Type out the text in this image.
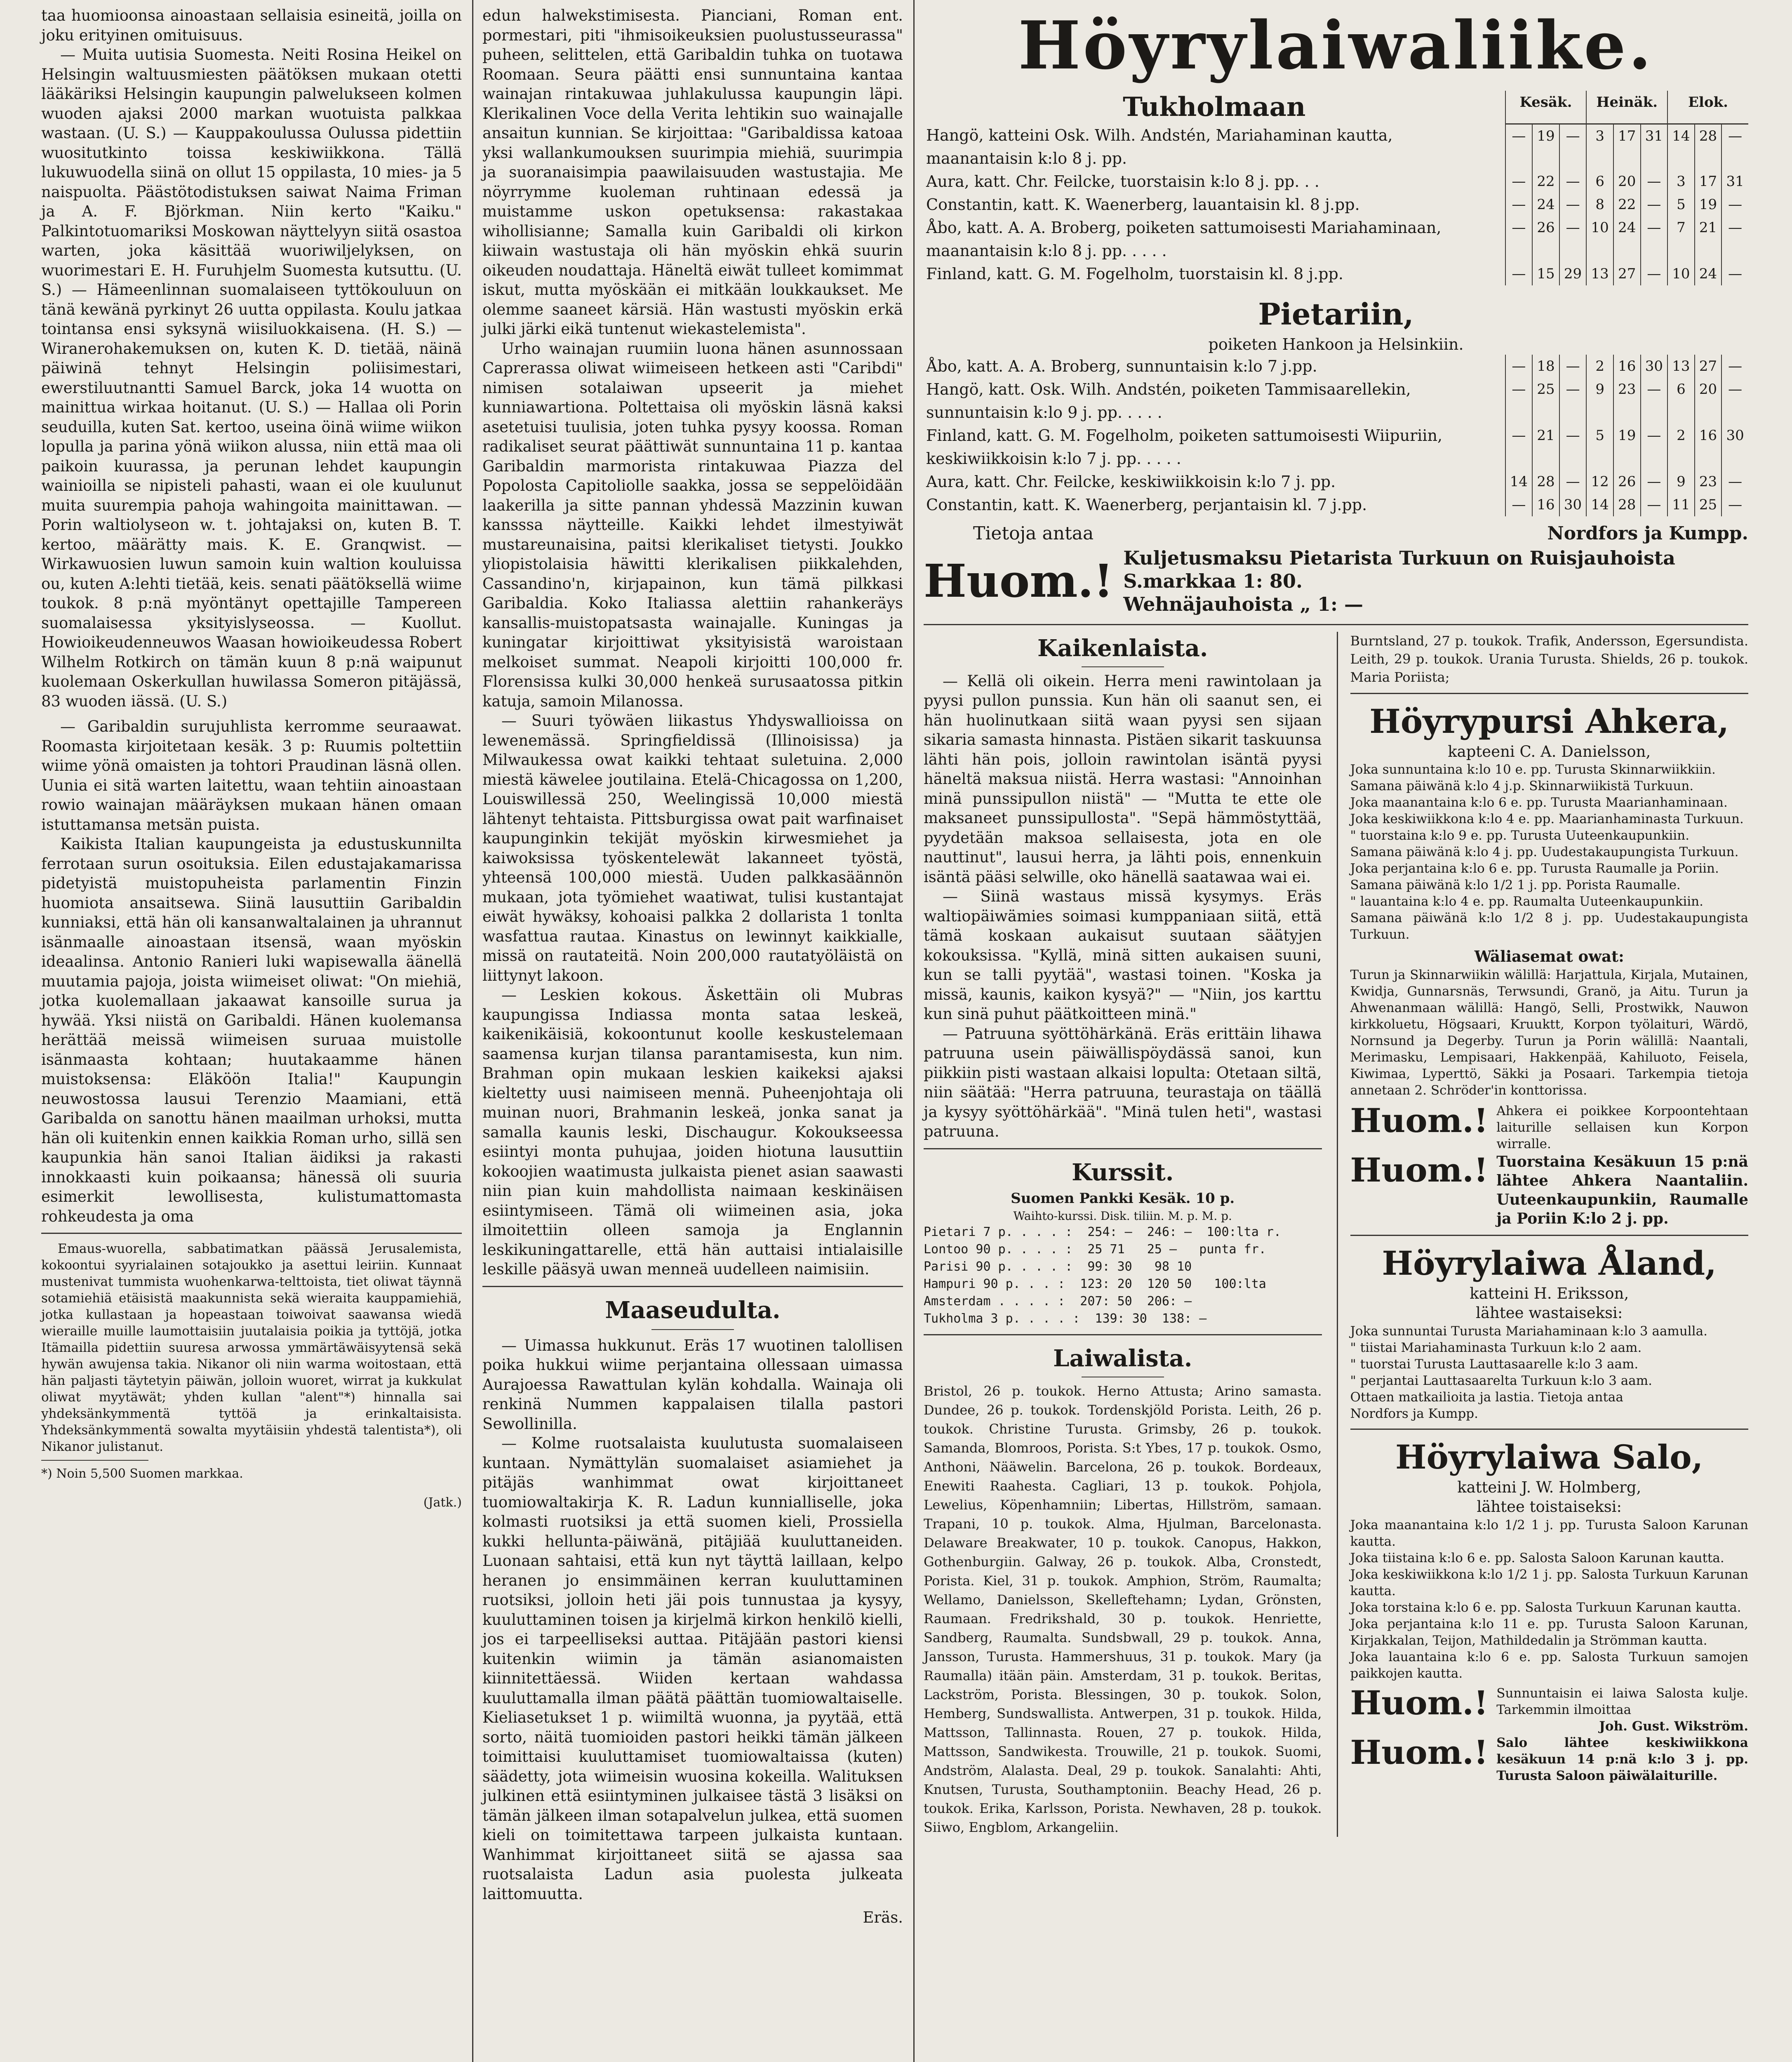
taa huomioonsa ainoastaan sellaisia esineitä, joilla on joku erityinen omituisuus.

— Muita uutisia Suomesta. Neiti Rosina Heikel on Helsingin waltuusmiesten päätöksen mukaan otetti lääkäriksi Helsingin kaupungin palwelukseen kolmen wuoden ajaksi 2000 markan wuotuista palkkaa wastaan. (U. S.) — Kauppakoulussa Oulussa pidettiin wuositutkinto toissa keskiwiikkona. Tällä lukuwuodella siinä on ollut 15 oppilasta, 10 mies- ja 5 naispuolta. Päästötodistuksen saiwat Naima Friman ja A. F. Björkman. Niin kerto "Kaiku." Palkintotuomariksi Moskowan näyttelyyn siitä osastoa warten, joka käsittää wuoriwiljelyksen, on wuorimestari E. H. Furuhjelm Suomesta kutsuttu. (U. S.) — Hämeenlinnan suomalaiseen tyttökouluun on tänä kewänä pyrkinyt 26 uutta oppilasta. Koulu jatkaa tointansa ensi syksynä wiisiluokkaisena. (H. S.) — Wiranerohakemuksen on, kuten K. D. tietää, näinä päiwinä tehnyt Helsingin poliisimestari, ewerstiluutnantti Samuel Barck, joka 14 wuotta on mainittua wirkaa hoitanut. (U. S.) — Hallaa oli Porin seuduilla, kuten Sat. kertoo, useina öinä wiime wiikon lopulla ja parina yönä wiikon alussa, niin että maa oli paikoin kuurassa, ja perunan lehdet kaupungin wainioilla se nipisteli pahasti, waan ei ole kuulunut muita suurempia pahoja wahingoita mainittawan. — Porin waltiolyseon w. t. johtajaksi on, kuten B. T. kertoo, määrätty mais. K. E. Granqwist. — Wirkawuosien luwun samoin kuin waltion kouluissa ou, kuten A:lehti tietää, keis. senati päätöksellä wiime toukok. 8 p:nä myöntänyt opettajille Tampereen suomalaisessa yksityislyseossa. — Kuollut. Howioikeudenneuwos Waasan howioikeudessa Robert Wilhelm Rotkirch on tämän kuun 8 p:nä waipunut kuolemaan Oskerkullan huwilassa Someron pitäjässä, 83 wuoden iässä. (U. S.)

— Garibaldin surujuhlista kerromme seuraawat. Roomasta kirjoitetaan kesäk. 3 p: Ruumis poltettiin wiime yönä omaisten ja tohtori Praudinan läsnä ollen. Uunia ei sitä warten laitettu, waan tehtiin ainoastaan rowio wainajan määräyksen mukaan hänen omaan istuttamansa metsän puista.

Kaikista Italian kaupungeista ja edustuskunnilta ferrotaan surun osoituksia. Eilen edustajakamarissa pidetyistä muistopuheista parlamentin Finzin huomiota ansaitsewa. Siinä lausuttiin Garibaldin kunniaksi, että hän oli kansanwaltalainen ja uhrannut isänmaalle ainoastaan itsensä, waan myöskin ideaalinsa. Antonio Ranieri luki wapisewalla äänellä muutamia pajoja, joista wiimeiset oliwat: "On miehiä, jotka kuolemallaan jakaawat kansoille surua ja hywää. Yksi niistä on Garibaldi. Hänen kuolemansa herättää meissä wiimeisen suruaa muistolle isänmaasta kohtaan; huutakaamme hänen muistoksensa: Eläköön Italia!" Kaupungin neuwostossa lausui Terenzio Maamiani, että Garibalda on sanottu hänen maailman urhoksi, mutta hän oli kuitenkin ennen kaikkia Roman urho, sillä sen kaupunkia hän sanoi Italian äidiksi ja rakasti innokkaasti kuin poikaansa; hänessä oli suuria esimerkit lewollisesta, kulistumattomasta rohkeudesta ja oma

Emaus-wuorella, sabbatimatkan päässä Jerusalemista, kokoontui syyrialainen sotajoukko ja asettui leiriin. Kunnaat mustenivat tummista wuohenkarwa-telttoista, tiet oliwat täynnä sotamiehiä etäisistä maakunnista sekä wieraita kauppamiehiä, jotka kullastaan ja hopeastaan toiwoivat saawansa wiedä wieraille muille laumottaisiin juutalaisia poikia ja tyttöjä, jotka Itämailla pidettiin suuresa arwossa ymmärtäwäisyytensä sekä hywän awujensa takia. Nikanor oli niin warma woitostaan, että hän paljasti täytetyin päiwän, jolloin wuoret, wirrat ja kukkulat oliwat myytäwät; yhden kullan "alent"*) hinnalla sai yhdeksänkymmentä tyttöä ja erinkaltaisista. Yhdeksänkymmentä sowalta myytäisiin yhdestä talentista*), oli Nikanor julistanut.

*) Noin 5,500 Suomen markkaa.

(Jatk.)

edun halwekstimisesta. Pianciani, Roman ent. pormestari, piti "ihmisoikeuksien puolustusseurassa" puheen, selittelen, että Garibaldin tuhka on tuotawa Roomaan. Seura päätti ensi sunnuntaina kantaa wainajan rintakuwaa juhlakulussa kaupungin läpi. Klerikalinen Voce della Verita lehtikin suo wainajalle ansaitun kunnian. Se kirjoittaa: "Garibaldissa katoaa yksi wallankumouksen suurimpia miehiä, suurimpia ja suoranaisimpia paawilaisuuden wastustajia. Me nöyrrymme kuoleman ruhtinaan edessä ja muistamme uskon opetuksensa: rakastakaa wihollisianne; Samalla kuin Garibaldi oli kirkon kiiwain wastustaja oli hän myöskin ehkä suurin oikeuden noudattaja. Häneltä eiwät tulleet komimmat iskut, mutta myöskään ei mitkään loukkaukset. Me olemme saaneet kärsiä. Hän wastusti myöskin erkä julki järki eikä tuntenut wiekastelemista".

Urho wainajan ruumiin luona hänen asunnossaan Caprerassa oliwat wiimeiseen hetkeen asti "Caribdi" nimisen sotalaiwan upseerit ja miehet kunniawartiona. Poltettaisa oli myöskin läsnä kaksi asetetuisi tuulisia, joten tuhka pysyy koossa. Roman radikaliset seurat päättiwät sunnuntaina 11 p. kantaa Garibaldin marmorista rintakuwaa Piazza del Popolosta Capitoliolle saakka, jossa se seppelöidään laakerilla ja sitte pannan yhdessä Mazzinin kuwan kansssa näytteille. Kaikki lehdet ilmestyiwät mustareunaisina, paitsi klerikaliset tietysti. Joukko yliopistolaisia häwitti klerikalisen piikkalehden, Cassandino'n, kirjapainon, kun tämä pilkkasi Garibaldia. Koko Italiassa alettiin rahankeräys kansallis-muistopatsasta wainajalle. Kuningas ja kuningatar kirjoittiwat yksityisistä waroistaan melkoiset summat. Neapoli kirjoitti 100,000 fr. Florensissa kulki 30,000 henkeä surusaatossa pitkin katuja, samoin Milanossa.

— Suuri työwäen liikastus Yhdyswallioissa on lewenemässä. Springfieldissä (Illinoisissa) ja Milwaukessa owat kaikki tehtaat suletuina. 2,000 miestä käwelee joutilaina. Etelä-Chicagossa on 1,200, Louiswillessä 250, Weelingissä 10,000 miestä lähtenyt tehtaista. Pittsburgissa owat pait warfinaiset kaupunginkin tekijät myöskin kirwesmiehet ja kaiwoksissa työskentelewät lakanneet työstä, yhteensä 100,000 miestä. Uuden palkkasäännön mukaan, jota työmiehet waatiwat, tulisi kustantajat eiwät hywäksy, kohoaisi palkka 2 dollarista 1 tonlta wasfattua rautaa. Kinastus on lewinnyt kaikkialle, missä on rautateitä. Noin 200,000 rautatyöläistä on liittynyt lakoon.

— Leskien kokous. Äskettäin oli Mubras kaupungissa Indiassa monta sataa leskeä, kaikenikäisiä, kokoontunut koolle keskustelemaan saamensa kurjan tilansa parantamisesta, kun nim. Brahman opin mukaan leskien kaikeksi ajaksi kieltetty uusi naimiseen mennä. Puheenjohtaja oli muinan nuori, Brahmanin leskeä, jonka sanat ja samalla kaunis leski, Dischaugur. Kokoukseessa esiintyi monta puhujaa, joiden hiotuna lausuttiin kokoojien waatimusta julkaista pienet asian saawasti niin pian kuin mahdollista naimaan keskinäisen esiintymiseen. Tämä oli wiimeinen asia, joka ilmoitettiin olleen samoja ja Englannin leskikuningattarelle, että hän auttaisi intialaisille leskille pääsyä uwan menneä uudelleen naimisiin.

Maaseudulta.

— Uimassa hukkunut. Eräs 17 wuotinen talollisen poika hukkui wiime perjantaina ollessaan uimassa Aurajoessa Rawattulan kylän kohdalla. Wainaja oli renkinä Nummen kappalaisen tilalla pastori Sewollinilla.

— Kolme ruotsalaista kuulutusta suomalaiseen kuntaan. Nymättylän suomalaiset asiamiehet ja pitäjäs wanhimmat owat kirjoittaneet tuomiowaltakirja K. R. Ladun kunnialliselle, joka kolmasti ruotsiksi ja että suomen kieli, Prossiella kukki hellunta-päiwänä, pitäjiää kuuluttaneiden. Luonaan sahtaisi, että kun nyt täyttä laillaan, kelpo heranen jo ensimmäinen kerran kuuluttaminen ruotsiksi, jolloin heti jäi pois tunnustaa ja kysyy, kuuluttaminen toisen ja kirjelmä kirkon henkilö kielli, jos ei tarpeelliseksi auttaa. Pitäjään pastori kiensi kuitenkin wiimin ja tämän asianomaisten kiinnitettäessä. Wiiden kertaan wahdassa kuuluttamalla ilman päätä päättän tuomiowaltaiselle. Kieliasetukset 1 p. wiimiltä wuonna, ja pyytää, että sorto, näitä tuomioiden pastori heikki tämän jälkeen toimittaisi kuuluttamiset tuomiowaltaissa (kuten) säädetty, jota wiimeisin wuosina kokeilla. Walituksen julkinen että esiintyminen julkaisee tästä 3 lisäksi on tämän jälkeen ilman sotapalvelun julkea, että suomen kieli on toimitettawa tarpeen julkaista kuntaan. Wanhimmat kirjoittaneet siitä se ajassa saa ruotsalaista Ladun asia puolesta julkeata laittomuutta.

Eräs.

Höyrylaiwaliike.

Tukholmaan	Kesäk.			Heinäk.			Elok.		
Hangö, katteini Osk. Wilh. Andstén, Mariahaminan kautta, maanantaisin k:lo 8 j. pp.	—	19	—	3	17	31	14	28	—
Aura, katt. Chr. Feilcke, tuorstaisin k:lo 8 j. pp. . .	—	22	—	6	20	—	3	17	31
Constantin, katt. K. Waenerberg, lauantaisin kl. 8 j.pp.	—	24	—	8	22	—	5	19	—
Åbo, katt. A. A. Broberg, poiketen sattumoisesti Mariahaminaan, maanantaisin k:lo 8 j. pp. . . . .	—	26	—	10	24	—	7	21	—
Finland, katt. G. M. Fogelholm, tuorstaisin kl. 8 j.pp.	—	15	29	13	27	—	10	24	—

Pietariin,

poiketen Hankoon ja Helsinkiin.

Åbo, katt. A. A. Broberg, sunnuntaisin k:lo 7 j.pp.	—	18	—	2	16	30	13	27	—
Hangö, katt. Osk. Wilh. Andstén, poiketen Tammisaarellekin, sunnuntaisin k:lo 9 j. pp. . . . .	—	25	—	9	23	—	6	20	—
Finland, katt. G. M. Fogelholm, poiketen sattumoisesti Wiipuriin, keskiwiikkoisin k:lo 7 j. pp. . . . .	—	21	—	5	19	—	2	16	30
Aura, katt. Chr. Feilcke, keskiwiikkoisin k:lo 7 j. pp.	14	28	—	12	26	—	9	23	—
Constantin, katt. K. Waenerberg, perjantaisin kl. 7 j.pp.	—	16	30	14	28	—	11	25	—
Tietoja antaa	Nordfors ja Kumpp.
Huom.! Kuljetusmaksu Pietarista Turkuun on Ruisjauhoista S.markkaa 1: 80.

Wehnäjauhoista „ 1: —

Kaikenlaista.

— Kellä oli oikein. Herra meni rawintolaan ja pyysi pullon punssia. Kun hän oli saanut sen, ei hän huolinutkaan siitä waan pyysi sen sijaan sikaria samasta hinnasta. Pistäen sikarit taskuunsa lähti hän pois, jolloin rawintolan isäntä pyysi häneltä maksua niistä. Herra wastasi: "Annoinhan minä punssipullon niistä" — "Mutta te ette ole maksaneet punssipullosta". "Sepä hämmöstyttää, pyydetään maksoa sellaisesta, jota en ole nauttinut", lausui herra, ja lähti pois, ennenkuin isäntä pääsi selwille, oko hänellä saatawaa wai ei.

— Siinä wastaus missä kysymys. Eräs waltiopäiwämies soimasi kumppaniaan siitä, että tämä koskaan aukaisut suutaan säätyjen kokouksissa. "Kyllä, minä sitten aukaisen suuni, kun se talli pyytää", wastasi toinen. "Koska ja missä, kaunis, kaikon kysyä?" — "Niin, jos karttu kun sinä puhut päätkoitteen minä."

— Patruuna syöttöhärkänä. Eräs erittäin lihawa patruuna usein päiwällispöydässä sanoi, kun piikkiin pisti wastaan alkaisi lopulta: Otetaan siltä, niin säätää: "Herra patruuna, teurastaja on täällä ja kysyy syöttöhärkää". "Minä tulen heti", wastasi patruuna.

Kurssit.

Suomen Pankki Kesäk. 10 p.

Waihto-kurssi. Disk. tiliin. M. p. M. p.

Pietari 7 p. . . . :  254: —  246: —  100:lta r.

Lontoo 90 p. . . . :  25 71   25 —   punta fr.

Parisi 90 p. . . . :  99: 30   98 10

Hampuri 90 p. . . :  123: 20  120 50   100:lta

Amsterdam . . . . :  207: 50  206: —

Tukholma 3 p. . . . :  139: 30  138: —

Laiwalista.

Bristol, 26 p. toukok. Herno Attusta; Arino samasta. Dundee, 26 p. toukok. Tordenskjöld Porista. Leith, 26 p. toukok. Christine Turusta. Grimsby, 26 p. toukok. Samanda, Blomroos, Porista. S:t Ybes, 17 p. toukok. Osmo, Anthoni, Nääwelin. Barcelona, 26 p. toukok. Bordeaux, Enewiti Raahesta. Cagliari, 13 p. toukok. Pohjola, Lewelius, Köpenhamniin; Libertas, Hillström, samaan. Trapani, 10 p. toukok. Alma, Hjulman, Barcelonasta. Delaware Breakwater, 10 p. toukok. Canopus, Hakkon, Gothenburgiin. Galway, 26 p. toukok. Alba, Cronstedt, Porista. Kiel, 31 p. toukok. Amphion, Ström, Raumalta; Wellamo, Danielsson, Skelleftehamn; Lydan, Grönsten, Raumaan. Fredrikshald, 30 p. toukok. Henriette, Sandberg, Raumalta. Sundsbwall, 29 p. toukok. Anna, Jansson, Turusta. Hammershuus, 31 p. toukok. Mary (ja Raumalla) itään päin. Amsterdam, 31 p. toukok. Beritas, Lackström, Porista. Blessingen, 30 p. toukok. Solon, Hemberg, Sundswallista. Antwerpen, 31 p. toukok. Hilda, Mattsson, Tallinnasta. Rouen, 27 p. toukok. Hilda, Mattsson, Sandwikesta. Trouwille, 21 p. toukok. Suomi, Andström, Alalasta. Deal, 29 p. toukok. Sanalahti: Ahti, Knutsen, Turusta, Southamptoniin. Beachy Head, 26 p. toukok. Erika, Karlsson, Porista. Newhaven, 28 p. toukok. Siiwo, Engblom, Arkangeliin.

Burntsland, 27 p. toukok. Trafik, Andersson, Egersundista. Leith, 29 p. toukok. Urania Turusta. Shields, 26 p. toukok. Maria Poriista;

Höyrypursi Ahkera,

kapteeni C. A. Danielsson,

Joka sunnuntaina k:lo 10 e. pp. Turusta Skinnarwiikkiin.

Samana päiwänä k:lo 4 j.p. Skinnarwiikistä Turkuun.

Joka maanantaina k:lo 6 e. pp. Turusta Maarianhaminaan.

Joka keskiwiikkona k:lo 4 e. pp. Maarianhaminasta Turkuun.

" tuorstaina k:lo 9 e. pp. Turusta Uuteenkaupunkiin.

Samana päiwänä k:lo 4 j. pp. Uudestakaupungista Turkuun.

Joka perjantaina k:lo 6 e. pp. Turusta Raumalle ja Poriin.

Samana päiwänä k:lo 1/2 1 j. pp. Porista Raumalle.

" lauantaina k:lo 4 e. pp. Raumalta Uuteenkaupunkiin.

Samana päiwänä k:lo 1/2 8 j. pp. Uudestakaupungista Turkuun.

Wäliasemat owat:

Turun ja Skinnarwiikin wälillä: Harjattula, Kirjala, Mutainen, Kwidja, Gunnarsnäs, Terwsundi, Granö, ja Aitu. Turun ja Ahwenanmaan wälillä: Hangö, Selli, Prostwikk, Nauwon kirkkoluetu, Högsaari, Kruuktt, Korpon työlaituri, Wärdö, Nornsund ja Degerby. Turun ja Porin wälillä: Naantali, Merimasku, Lempisaari, Hakkenpää, Kahiluoto, Feisela, Kiwimaa, Lyperttö, Säkki ja Posaari. Tarkempia tietoja annetaan 2. Schröder'in konttorissa.

Huom.! Ahkera ei poikkee Korpoontehtaan laiturille sellaisen kun Korpon wirralle.

Huom.! Tuorstaina Kesäkuun 15 p:nä lähtee Ahkera Naantaliin. Uuteenkaupunkiin, Raumalle ja Poriin K:lo 2 j. pp.

Höyrylaiwa Åland,

katteini H. Eriksson,

lähtee wastaiseksi:

Joka sunnuntai Turusta Mariahaminaan k:lo 3 aamulla.

" tiistai Mariahaminasta Turkuun k:lo 2 aam.

" tuorstai Turusta Lauttasaarelle k:lo 3 aam.

" perjantai Lauttasaarelta Turkuun k:lo 3 aam.

Ottaen matkailioita ja lastia. Tietoja antaa

Nordfors ja Kumpp.

Höyrylaiwa Salo,

katteini J. W. Holmberg,

lähtee toistaiseksi:

Joka maanantaina k:lo 1/2 1 j. pp. Turusta Saloon Karunan kautta.

Joka tiistaina k:lo 6 e. pp. Salosta Saloon Karunan kautta.

Joka keskiwiikkona k:lo 1/2 1 j. pp. Salosta Turkuun Karunan kautta.

Joka torstaina k:lo 6 e. pp. Salosta Turkuun Karunan kautta.

Joka perjantaina k:lo 11 e. pp. Turusta Saloon Karunan, Kirjakkalan, Teijon, Mathildedalin ja Strömman kautta.

Joka lauantaina k:lo 6 e. pp. Salosta Turkuun samojen paikkojen kautta.

Huom.! Sunnuntaisin ei laiwa Salosta kulje. Tarkemmin ilmoittaa

Joh. Gust. Wikström.

Huom.! Salo lähtee keskiwiikkona kesäkuun 14 p:nä k:lo 3 j. pp. Turusta Saloon päiwälaiturille.
